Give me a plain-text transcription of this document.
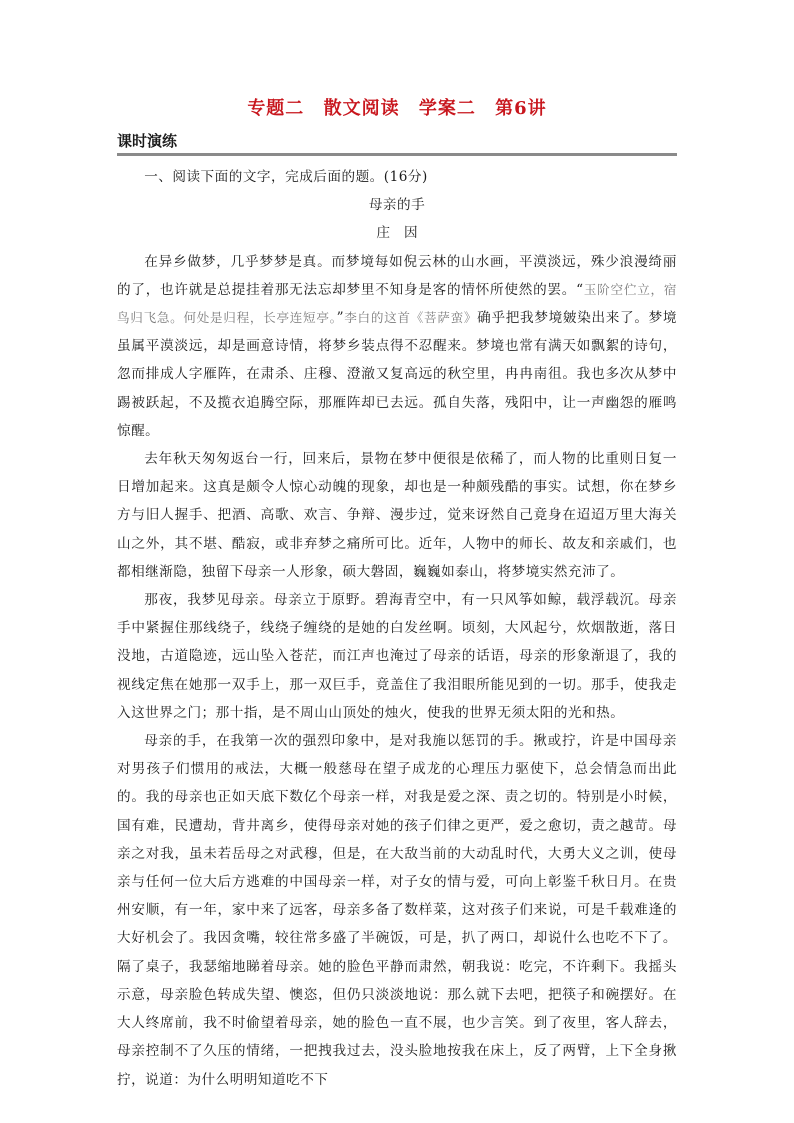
专题二 散文阅读 学案二 第6讲
课时演练

一、阅读下面的文字，完成后面的题。(16分)

母亲的手

庄因

在异乡做梦，几乎梦梦是真。而梦境每如倪云林的山水画，平漠淡远，殊少浪漫绮丽的了，也许就是总提挂着那无法忘却梦里不知身是客的情怀所使然的罢。“玉阶空伫立，宿鸟归飞急。何处是归程，长亭连短亭。”李白的这首《菩萨蛮》确乎把我梦境皴染出来了。梦境虽属平漠淡远，却是画意诗情，将梦乡装点得不忍醒来。梦境也常有满天如飘絮的诗句，忽而排成人字雁阵，在肃杀、庄穆、澄澈又复高远的秋空里，冉冉南徂。我也多次从梦中踢被跃起，不及揽衣追腾空际，那雁阵却已去远。孤自失落，残阳中，让一声幽怨的雁鸣惊醒。

去年秋天匆匆返台一行，回来后，景物在梦中便很是依稀了，而人物的比重则日复一日增加起来。这真是颇令人惊心动魄的现象，却也是一种颇残酷的事实。试想，你在梦乡方与旧人握手、把酒、高歌、欢言、争辩、漫步过，觉来讶然自己竟身在迢迢万里大海关山之外，其不堪、酷寂，或非弃梦之痛所可比。近年，人物中的师长、故友和亲戚们，也都相继渐隐，独留下母亲一人形象，硕大磐固，巍巍如泰山，将梦境实然充沛了。

那夜，我梦见母亲。母亲立于原野。碧海青空中，有一只风筝如鲸，载浮载沉。母亲手中紧握住那线绕子，线绕子缠绕的是她的白发丝啊。顷刻，大风起兮，炊烟散逝，落日没地，古道隐迹，远山坠入苍茫，而江声也淹过了母亲的话语，母亲的形象渐退了，我的视线定焦在她那一双手上，那一双巨手，竟盖住了我泪眼所能见到的一切。那手，使我走入这世界之门；那十指，是不周山山顶处的烛火，使我的世界无须太阳的光和热。

母亲的手，在我第一次的强烈印象中，是对我施以惩罚的手。揪或拧，许是中国母亲对男孩子们惯用的戒法，大概一般慈母在望子成龙的心理压力驱使下，总会情急而出此的。我的母亲也正如天底下数亿个母亲一样，对我是爱之深、责之切的。特别是小时候，国有难，民遭劫，背井离乡，使得母亲对她的孩子们律之更严，爱之愈切，责之越苛。母亲之对我，虽未若岳母之对武穆，但是，在大敌当前的大动乱时代，大勇大义之训，使母亲与任何一位大后方逃难的中国母亲一样，对子女的情与爱，可向上彰鉴千秋日月。在贵州安顺，有一年，家中来了远客，母亲多备了数样菜，这对孩子们来说，可是千载难逢的大好机会了。我因贪嘴，较往常多盛了半碗饭，可是，扒了两口，却说什么也吃不下了。隔了桌子，我瑟缩地睇着母亲。她的脸色平静而肃然，朝我说：吃完，不许剩下。我摇头示意，母亲脸色转成失望、懊恣，但仍只淡淡地说：那么就下去吧，把筷子和碗摆好。在大人终席前，我不时偷望着母亲，她的脸色一直不展，也少言笑。到了夜里，客人辞去，母亲控制不了久压的情绪，一把拽我过去，没头脸地按我在床上，反了两臂，上下全身揪拧，说道：为什么明明知道吃不下
